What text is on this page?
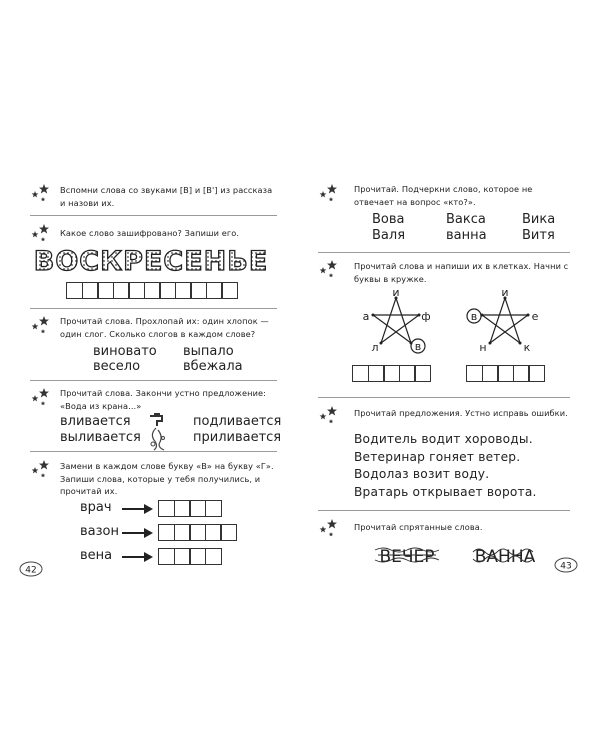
Вспомни слова со звуками [В] и [В'] из рассказа и назови их.
Какое слово зашифровано? Запиши его.
ВОСКРЕСЕНЬЕ
Прочитай слова. Прохлопай их: один хлопок — один слог. Сколько слогов в каждом слове?
виновато выпало
весело	вбежала
Прочитай слова. Закончи устно предложение: «Вода из крана...»
вливается	подливается
выливается	приливается
Замени в каждом слове букву «В» на букву «Г». Запиши слова, которые у тебя получились, и прочитай их.
врач
вазон
вена
42
Прочитай. Подчеркни слово, которое не отвечает на вопрос «кто?».
Вова	Вакса	Вика
Валя	ванна	Витя
Прочитай слова и напиши их в клетках. Начни с буквы в кружке.
и
ф
в
л
а
и
е
к
н
в
Прочитай предложения. Устно исправь ошибки.
Водитель водит хороводы.
Ветеринар гоняет ветер.
Водолаз возит воду.
Вратарь открывает ворота.
Прочитай спрятанные слова.
ВЕЧЕР ВАННА	43
